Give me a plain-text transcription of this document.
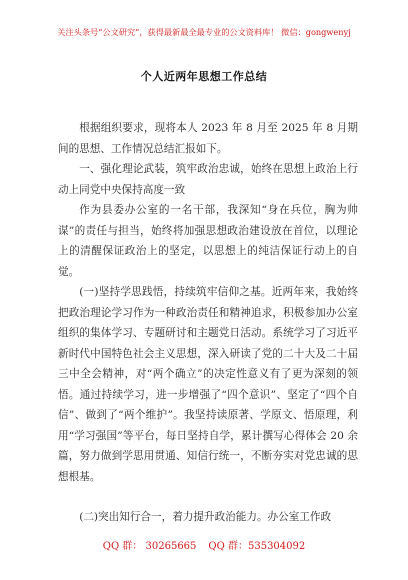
关注头条号“公文研究”，获得最新最全最专业的公文资料库！ 微信：gongwenyj
个人近两年思想工作总结

根据组织要求，现将本人 2023 年 8 月至 2025 年 8 月期间的思想、工作情况总结汇报如下。

一、强化理论武装，筑牢政治忠诚，始终在思想上政治上行动上同党中央保持高度一致

作为县委办公室的一名干部，我深知“身在兵位，胸为帅谋”的责任与担当，始终将加强思想政治建设放在首位，以理论上的清醒保证政治上的坚定，以思想上的纯洁保证行动上的自觉。

(一)坚持学思践悟，持续筑牢信仰之基。近两年来，我始终把政治理论学习作为一种政治责任和精神追求，积极参加办公室组织的集体学习、专题研讨和主题党日活动。系统学习了习近平新时代中国特色社会主义思想，深入研读了党的二十大及二十届三中全会精神，对“两个确立”的决定性意义有了更为深刻的领悟。通过持续学习，进一步增强了“四个意识”、坚定了“四个自信”、做到了“两个维护”。我坚持读原著、学原文、悟原理，利用“学习强国”等平台，每日坚持自学，累计撰写心得体会 20 余篇，努力做到学思用贯通、知信行统一，不断夯实对党忠诚的思想根基。

(二)突出知行合一，着力提升政治能力。办公室工作政

QQ 群： 30265665 QQ 群：535304092
